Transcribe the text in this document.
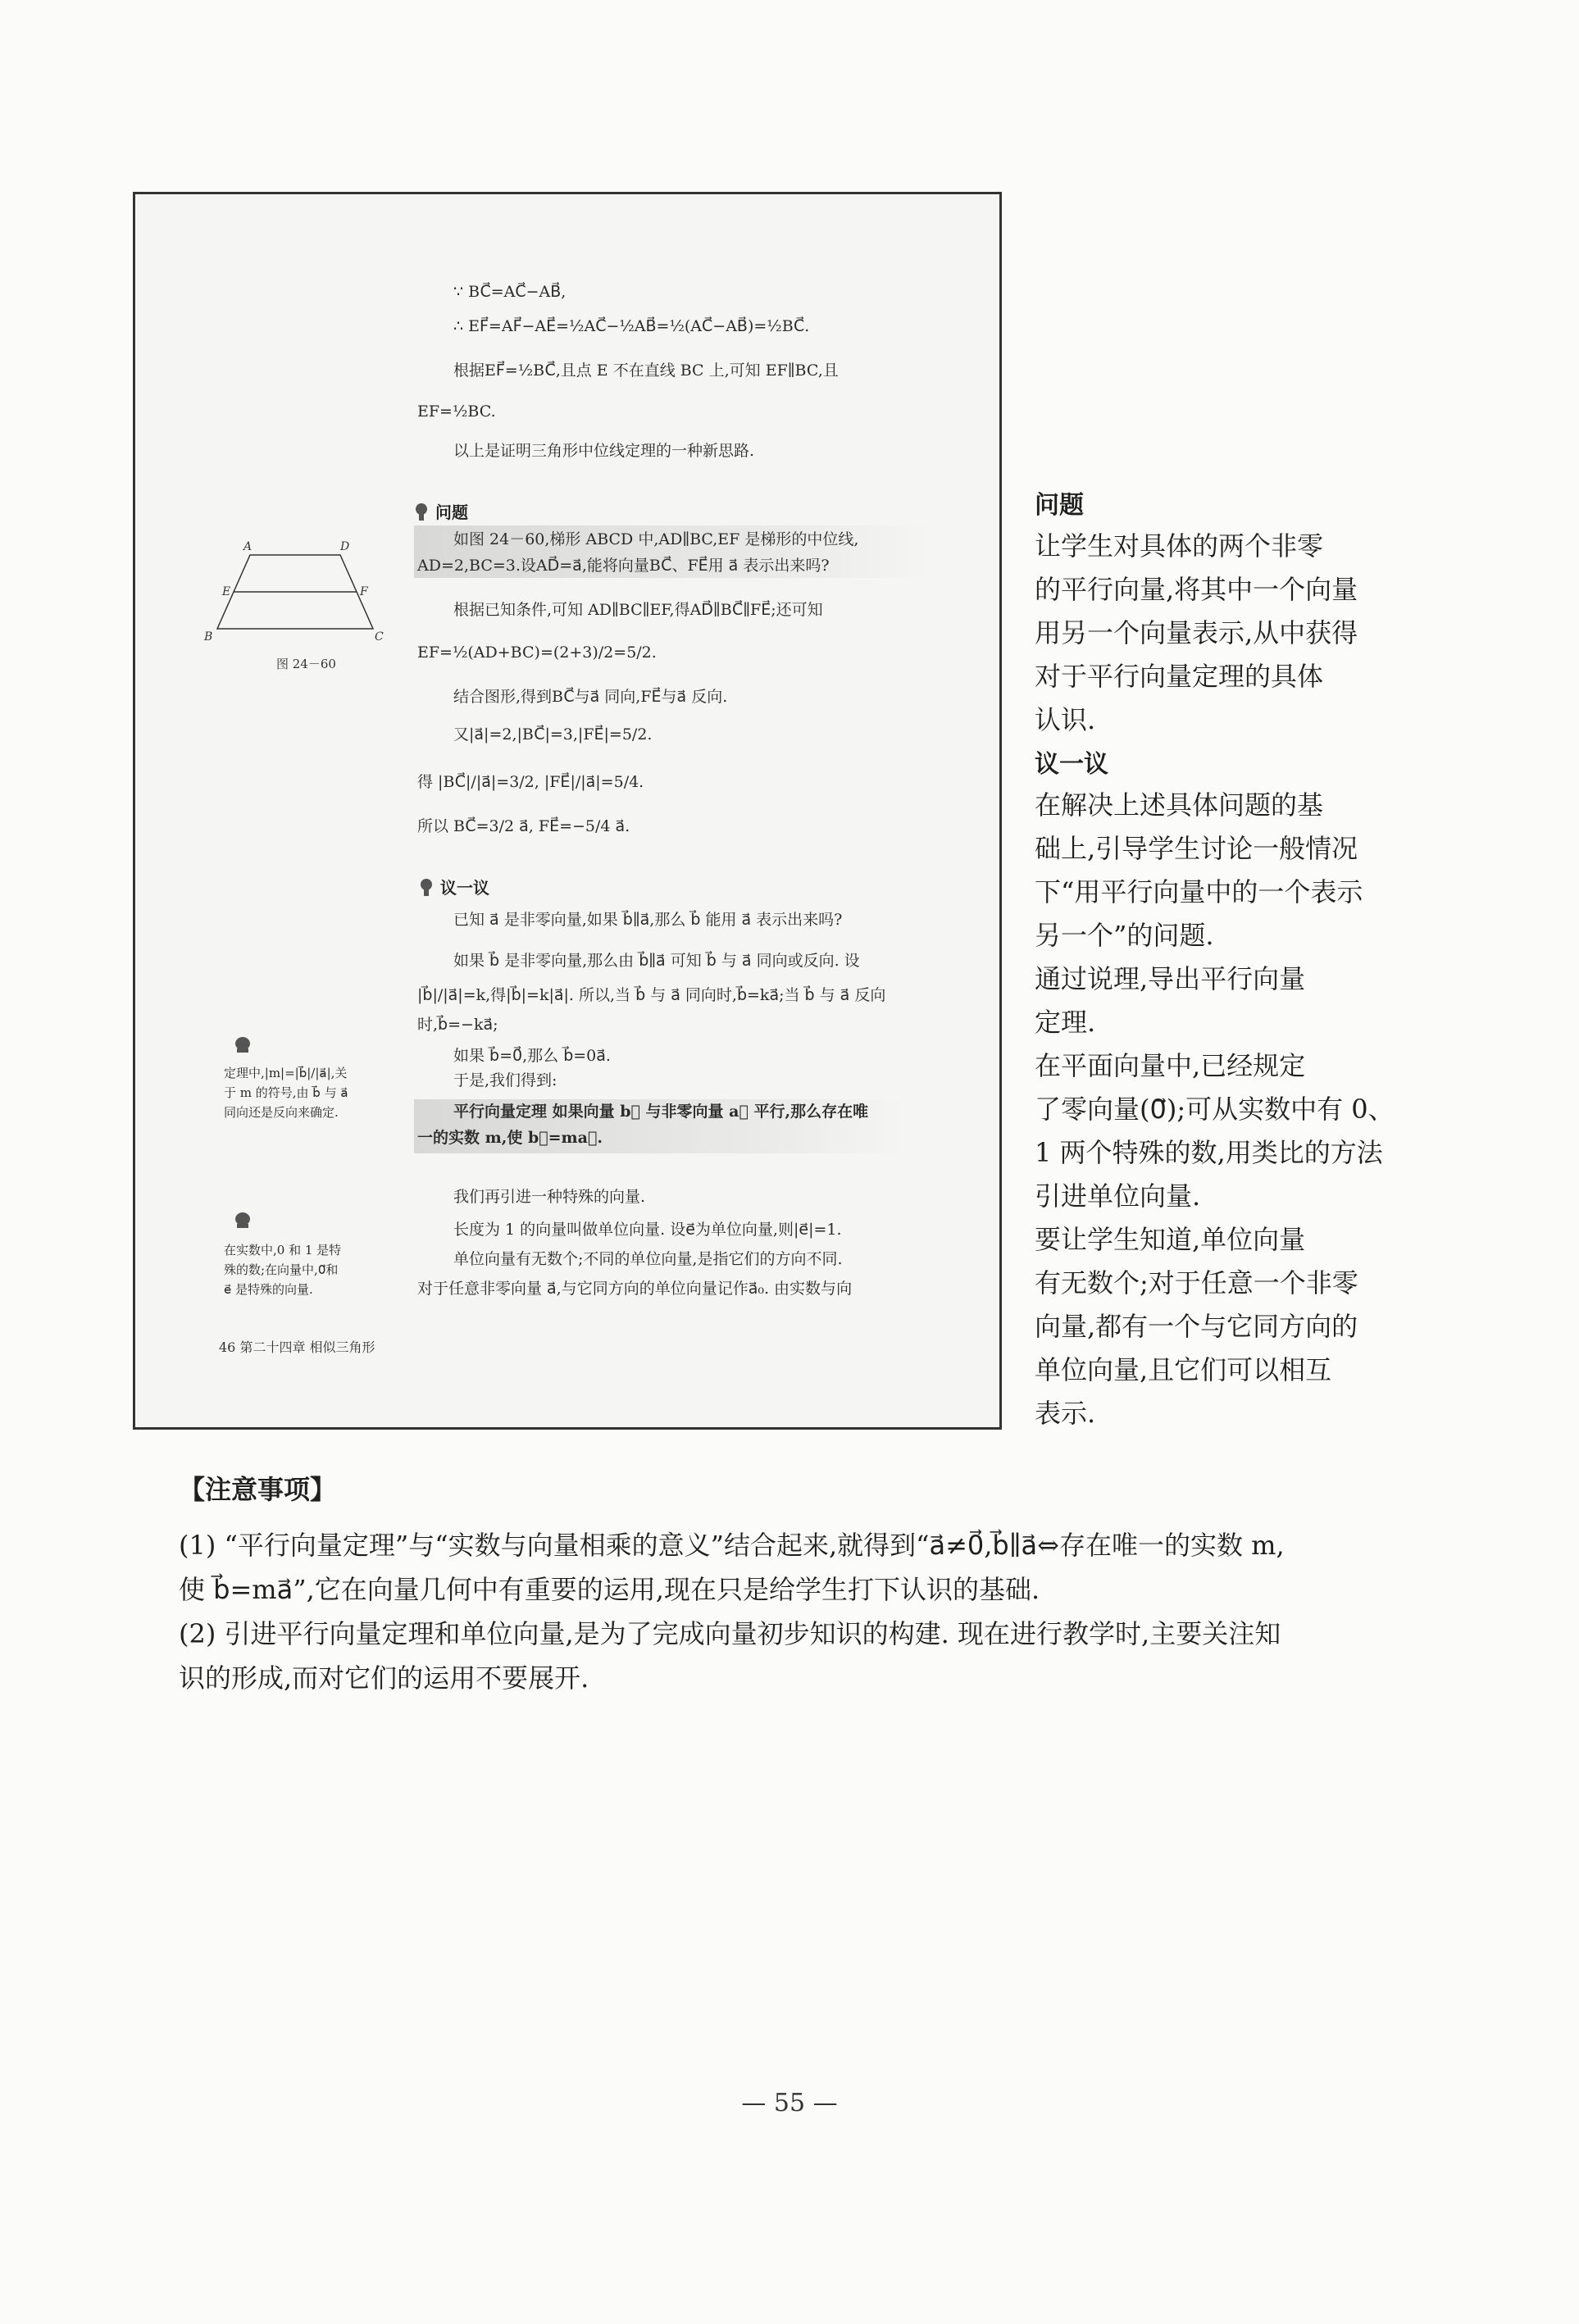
∵ BC⃗=AC⃗−AB⃗,
∴ EF⃗=AF⃗−AE⃗=½AC⃗−½AB⃗=½(AC⃗−AB⃗)=½BC⃗.
根据EF⃗=½BC⃗,且点 E 不在直线 BC 上,可知 EF∥BC,且
EF=½BC.
以上是证明三角形中位线定理的一种新思路.
问题
如图 24－60,梯形 ABCD 中,AD∥BC,EF 是梯形的中位线,
AD=2,BC=3.设AD⃗=a⃗,能将向量BC⃗、FE⃗用 a⃗ 表示出来吗?
根据已知条件,可知 AD∥BC∥EF,得AD⃗∥BC⃗∥FE⃗;还可知
EF=½(AD+BC)=(2+3)/2=5/2.
结合图形,得到BC⃗与a⃗ 同向,FE⃗与a⃗ 反向.
又|a⃗|=2,|BC⃗|=3,|FE⃗|=5/2.
得 |BC⃗|/|a⃗|=3/2, |FE⃗|/|a⃗|=5/4.
所以 BC⃗=3/2 a⃗, FE⃗=−5/4 a⃗.
A	D
E	F
B	C
图 24－60
议一议
已知 a⃗ 是非零向量,如果 b⃗∥a⃗,那么 b⃗ 能用 a⃗ 表示出来吗?
如果 b⃗ 是非零向量,那么由 b⃗∥a⃗ 可知 b⃗ 与 a⃗ 同向或反向. 设
|b⃗|/|a⃗|=k,得|b⃗|=k|a⃗|. 所以,当 b⃗ 与 a⃗ 同向时,b⃗=ka⃗;当 b⃗ 与 a⃗ 反向
时,b⃗=−ka⃗;
如果 b⃗=0⃗,那么 b⃗=0a⃗.
于是,我们得到:
平行向量定理 如果向量 b⃗ 与非零向量 a⃗ 平行,那么存在唯
一的实数 m,使 b⃗=ma⃗.
我们再引进一种特殊的向量.
长度为 1 的向量叫做单位向量. 设e⃗为单位向量,则|e⃗|=1.
单位向量有无数个;不同的单位向量,是指它们的方向不同.
对于任意非零向量 a⃗,与它同方向的单位向量记作a⃗₀. 由实数与向
定理中,|m|=|b⃗|/|a⃗|,关
于 m 的符号,由 b⃗ 与 a⃗
同向还是反向来确定.
在实数中,0 和 1 是特
殊的数;在向量中,0⃗和
e⃗ 是特殊的向量.
46 第二十四章 相似三角形
问题
让学生对具体的两个非零
的平行向量,将其中一个向量
用另一个向量表示,从中获得
对于平行向量定理的具体
认识.
议一议
在解决上述具体问题的基
础上,引导学生讨论一般情况
下“用平行向量中的一个表示
另一个”的问题.
通过说理,导出平行向量
定理.
在平面向量中,已经规定
了零向量(0⃗);可从实数中有 0、
1 两个特殊的数,用类比的方法
引进单位向量.
要让学生知道,单位向量
有无数个;对于任意一个非零
向量,都有一个与它同方向的
单位向量,且它们可以相互
表示.
【注意事项】
(1) “平行向量定理”与“实数与向量相乘的意义”结合起来,就得到“a⃗≠0⃗,b⃗∥a⃗⇔存在唯一的实数 m,
使 b⃗=ma⃗”,它在向量几何中有重要的运用,现在只是给学生打下认识的基础.
(2) 引进平行向量定理和单位向量,是为了完成向量初步知识的构建. 现在进行教学时,主要关注知
识的形成,而对它们的运用不要展开.
— 55 —
